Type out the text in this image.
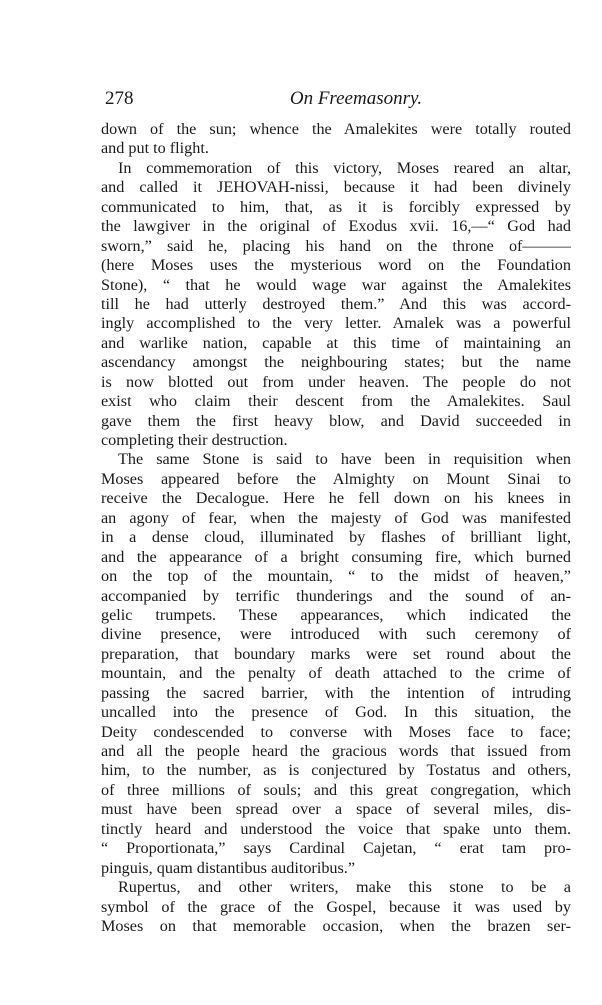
278	On Freemasonry.
down of the sun; whence the Amalekites were totally routed
and put to flight.
In commemoration of this victory, Moses reared an altar,
and called it JEHOVAH-nissi, because it had been divinely
communicated to him, that, as it is forcibly expressed by
the lawgiver in the original of Exodus xvii. 16,—“ God had
sworn,” said he, placing his hand on the throne of———
(here Moses uses the mysterious word on the Foundation
Stone), “ that he would wage war against the Amalekites
till he had utterly destroyed them.” And this was accord-
ingly accomplished to the very letter. Amalek was a powerful
and warlike nation, capable at this time of maintaining an
ascendancy amongst the neighbouring states; but the name
is now blotted out from under heaven. The people do not
exist who claim their descent from the Amalekites. Saul
gave them the first heavy blow, and David succeeded in
completing their destruction.
The same Stone is said to have been in requisition when
Moses appeared before the Almighty on Mount Sinai to
receive the Decalogue. Here he fell down on his knees in
an agony of fear, when the majesty of God was manifested
in a dense cloud, illuminated by flashes of brilliant light,
and the appearance of a bright consuming fire, which burned
on the top of the mountain, “ to the midst of heaven,”
accompanied by terrific thunderings and the sound of an-
gelic trumpets. These appearances, which indicated the
divine presence, were introduced with such ceremony of
preparation, that boundary marks were set round about the
mountain, and the penalty of death attached to the crime of
passing the sacred barrier, with the intention of intruding
uncalled into the presence of God. In this situation, the
Deity condescended to converse with Moses face to face;
and all the people heard the gracious words that issued from
him, to the number, as is conjectured by Tostatus and others,
of three millions of souls; and this great congregation, which
must have been spread over a space of several miles, dis-
tinctly heard and understood the voice that spake unto them.
“ Proportionata,” says Cardinal Cajetan, “ erat tam pro-
pinguis, quam distantibus auditoribus.”
Rupertus, and other writers, make this stone to be a
symbol of the grace of the Gospel, because it was used by
Moses on that memorable occasion, when the brazen ser-
